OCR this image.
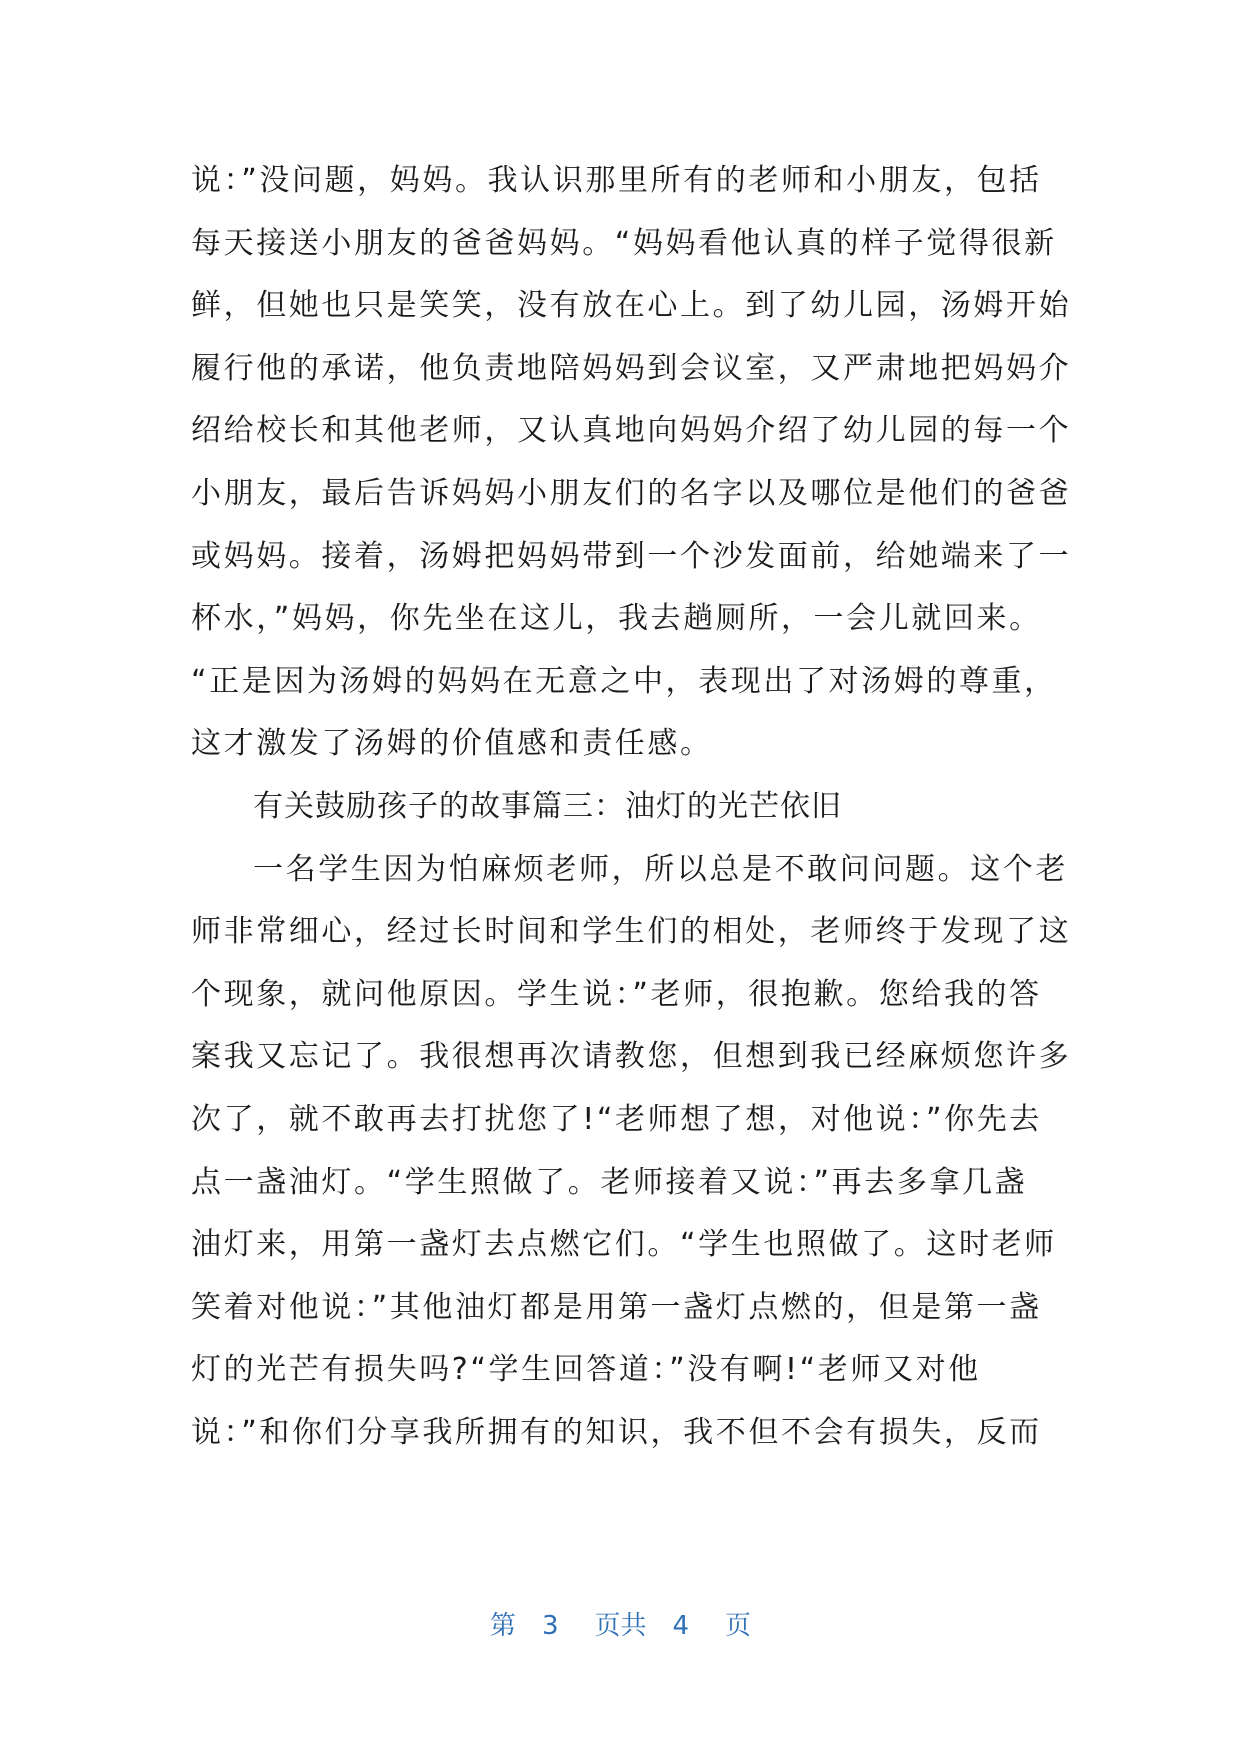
说：”没问题，妈妈。我认识那里所有的老师和小朋友，包括
每天接送小朋友的爸爸妈妈。“妈妈看他认真的样子觉得很新
鲜，但她也只是笑笑，没有放在心上。到了幼儿园，汤姆开始
履行他的承诺，他负责地陪妈妈到会议室，又严肃地把妈妈介
绍给校长和其他老师，又认真地向妈妈介绍了幼儿园的每一个
小朋友，最后告诉妈妈小朋友们的名字以及哪位是他们的爸爸
或妈妈。接着，汤姆把妈妈带到一个沙发面前，给她端来了一
杯水，”妈妈，你先坐在这儿，我去趟厕所，一会儿就回来。
“正是因为汤姆的妈妈在无意之中，表现出了对汤姆的尊重，
这才激发了汤姆的价值感和责任感。
有关鼓励孩子的故事篇三：油灯的光芒依旧
一名学生因为怕麻烦老师，所以总是不敢问问题。这个老
师非常细心，经过长时间和学生们的相处，老师终于发现了这
个现象，就问他原因。学生说：”老师，很抱歉。您给我的答
案我又忘记了。我很想再次请教您，但想到我已经麻烦您许多
次了，就不敢再去打扰您了!“老师想了想，对他说：”你先去
点一盏油灯。“学生照做了。老师接着又说：”再去多拿几盏
油灯来，用第一盏灯去点燃它们。“学生也照做了。这时老师
笑着对他说：”其他油灯都是用第一盏灯点燃的，但是第一盏
灯的光芒有损失吗?“学生回答道：”没有啊!“老师又对他
说：”和你们分享我所拥有的知识，我不但不会有损失，反而
第 3 页共 4 页
